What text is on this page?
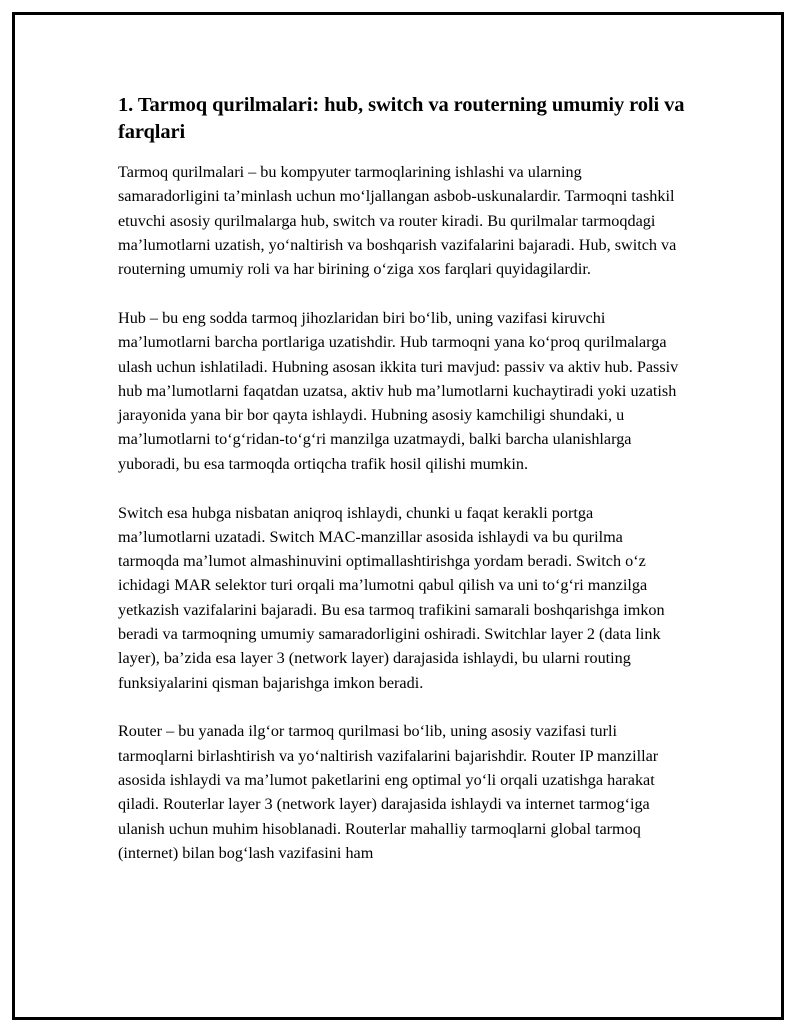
1. Tarmoq qurilmalari: hub, switch va routerning umumiy roli va farqlari

Tarmoq qurilmalari – bu kompyuter tarmoqlarining ishlashi va ularning samaradorligini ta’minlash uchun mo‘ljallangan asbob-uskunalardir. Tarmoqni tashkil etuvchi asosiy qurilmalarga hub, switch va router kiradi. Bu qurilmalar tarmoqdagi ma’lumotlarni uzatish, yo‘naltirish va boshqarish vazifalarini bajaradi. Hub, switch va routerning umumiy roli va har birining o‘ziga xos farqlari quyidagilardir.

Hub – bu eng sodda tarmoq jihozlaridan biri bo‘lib, uning vazifasi kiruvchi ma’lumotlarni barcha portlariga uzatishdir. Hub tarmoqni yana ko‘proq qurilmalarga ulash uchun ishlatiladi. Hubning asosan ikkita turi mavjud: passiv va aktiv hub. Passiv hub ma’lumotlarni faqatdan uzatsa, aktiv hub ma’lumotlarni kuchaytiradi yoki uzatish jarayonida yana bir bor qayta ishlaydi. Hubning asosiy kamchiligi shundaki, u ma’lumotlarni to‘g‘ridan-to‘g‘ri manzilga uzatmaydi, balki barcha ulanishlarga yuboradi, bu esa tarmoqda ortiqcha trafik hosil qilishi mumkin.

Switch esa hubga nisbatan aniqroq ishlaydi, chunki u faqat kerakli portga ma’lumotlarni uzatadi. Switch MAC-manzillar asosida ishlaydi va bu qurilma tarmoqda ma’lumot almashinuvini optimallashtirishga yordam beradi. Switch o‘z ichidagi MAR selektor turi orqali ma’lumotni qabul qilish va uni to‘g‘ri manzilga yetkazish vazifalarini bajaradi. Bu esa tarmoq trafikini samarali boshqarishga imkon beradi va tarmoqning umumiy samaradorligini oshiradi. Switchlar layer 2 (data link layer), ba’zida esa layer 3 (network layer) darajasida ishlaydi, bu ularni routing funksiyalarini qisman bajarishga imkon beradi.

Router – bu yanada ilg‘or tarmoq qurilmasi bo‘lib, uning asosiy vazifasi turli tarmoqlarni birlashtirish va yo‘naltirish vazifalarini bajarishdir. Router IP manzillar asosida ishlaydi va ma’lumot paketlarini eng optimal yo‘li orqali uzatishga harakat qiladi. Routerlar layer 3 (network layer) darajasida ishlaydi va internet tarmog‘iga ulanish uchun muhim hisoblanadi. Routerlar mahalliy tarmoqlarni global tarmoq (internet) bilan bog‘lash vazifasini ham
